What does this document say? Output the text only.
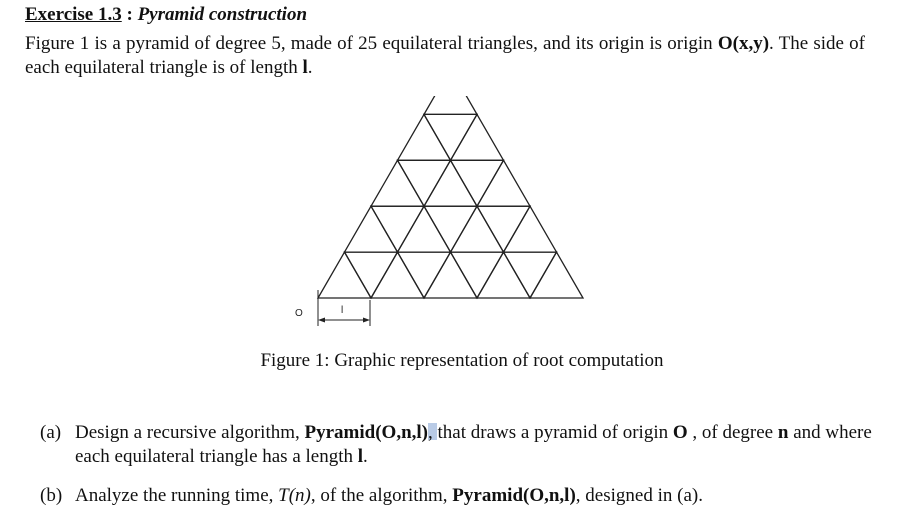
Exercise 1.3 : Pyramid construction
Figure 1 is a pyramid of degree 5, made of 25 equilateral triangles, and its origin is origin O(x,y). The side of each equilateral triangle is of length l.
O	l
Figure 1: Graphic representation of root computation
(a) Design a recursive algorithm, Pyramid(O,n,l), that draws a pyramid of origin O , of degree n and where each equilateral triangle has a length l.
(b) Analyze the running time, T(n), of the algorithm, Pyramid(O,n,l), designed in (a).
